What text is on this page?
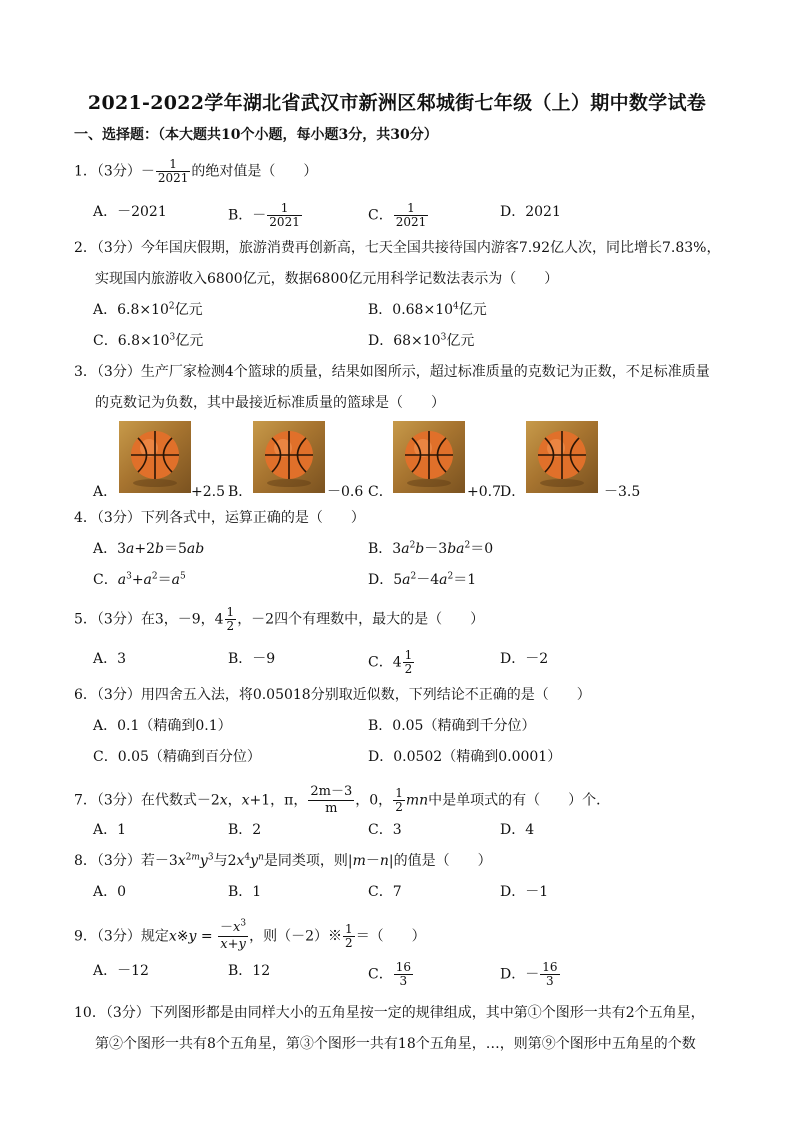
2021-2022学年湖北省武汉市新洲区邾城街七年级（上）期中数学试卷
一、选择题：（本大题共10个小题，每小题3分，共30分）
1．（3分）－ $\frac{1}{2021}$ 的绝对值是（　　）
A．－2021	B．－ $\frac{1}{2021}$	C． $\frac{1}{2021}$	D．2021
2．（3分）今年国庆假期，旅游消费再创新高，七天全国共接待国内游客7.92亿人次，同比增长7.83%，
实现国内旅游收入6800亿元，数据6800亿元用科学记数法表示为（　　）
A．$6.8\times 10^2$亿元	B．$0.68\times 10^4$亿元
C．$6.8\times 10^3$亿元	D．$68\times 10^3$亿元
3．（3分）生产厂家检测4个篮球的质量，结果如图所示，超过标准质量的克数记为正数，不足标准质量
的克数记为负数，其中最接近标准质量的篮球是（　　）
A．	+2.5 B．	－0.6 C．	+0.7 D．	－3.5
4．（3分）下列各式中，运算正确的是（　　）
A．3a+2b＝5ab	B．$3a^2b-3ba^2=0$
C．$a^3+a^2=a^5$	D．$5a^2-4a^2=1$
5．（3分）在3，－9，$4 \frac{1}{2}$ ，－2四个有理数中，最大的是（　　）
A．3	B．－9	C．$4 \frac{1}{2}$	D．－2
6．（3分）用四舍五入法，将0.05018分别取近似数，下列结论不正确的是（　　）
A．0.1（精确到0.1）	B．0.05（精确到千分位）
C．0.05（精确到百分位）	D．0.0502（精确到0.0001）
7．（3分）在代数式－2x，x+1，π， $\frac{2m-3}{m}$ ，0， $\frac{1}{2}$ mn中是单项式的有（　　）个．
A．1	B．2	C．3	D．4
8．（3分）若$-3x^{2m}y^3$与$2x^4y^n$是同类项，则|m－n|的值是（　　）
A．0	B．1	C．7	D．－1
9．（3分）规定x※y = $\frac{-x^3}{x+y}$ ，则（－2）※ $\frac{1}{2}$ ＝（　　）
A．－12	B．12	C． $\frac{16}{3}$	D．－ $\frac{16}{3}$
10．（3分）下列图形都是由同样大小的五角星按一定的规律组成，其中第①个图形一共有2个五角星，
第②个图形一共有8个五角星，第③个图形一共有18个五角星，…，则第⑨个图形中五角星的个数
